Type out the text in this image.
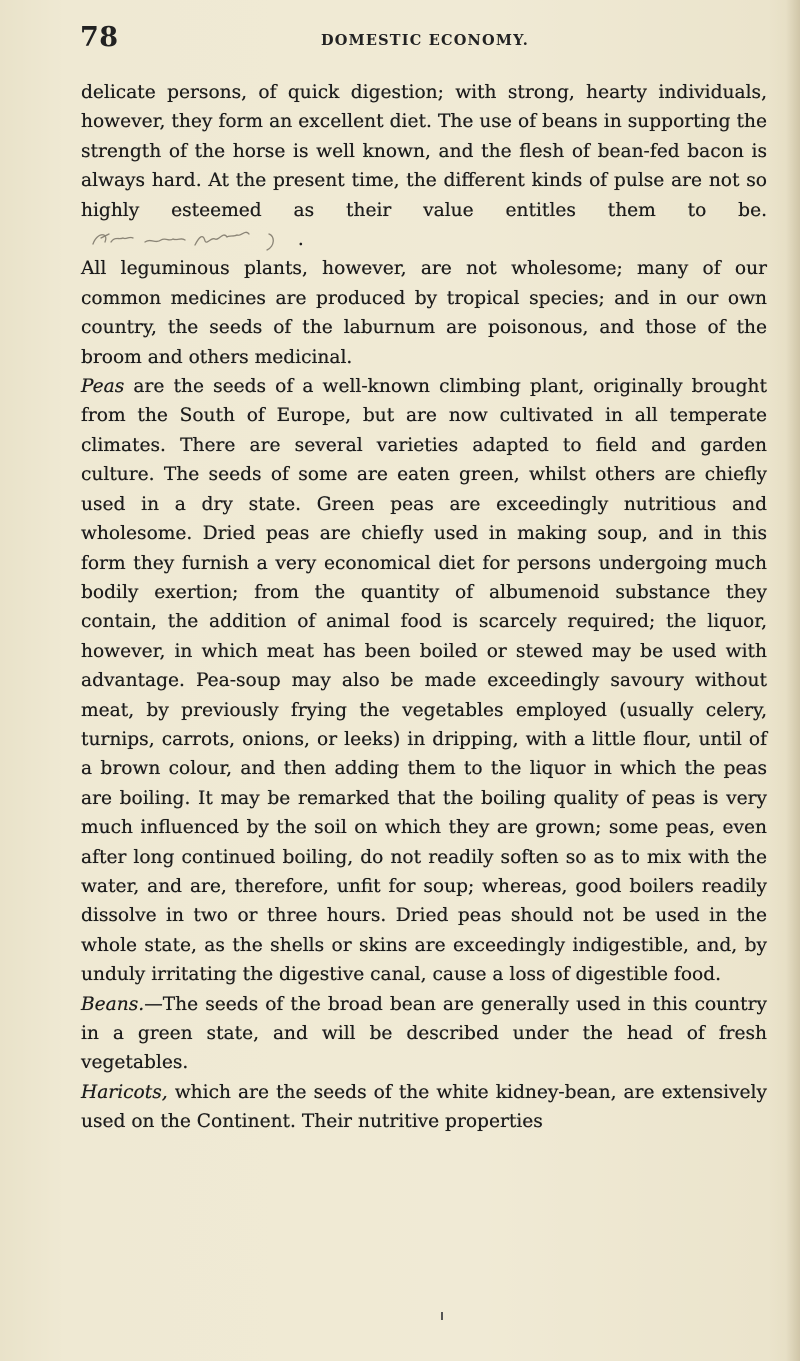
78	DOMESTIC ECONOMY.

delicate persons, of quick digestion; with strong, hearty individuals, however, they form an excellent diet. The use of beans in supporting the strength of the horse is well known, and the flesh of bean-fed bacon is always hard. At the present time, the different kinds of pulse are not so highly esteemed as their value entitles them to be. .

All leguminous plants, however, are not wholesome; many of our common medicines are produced by tropical species; and in our own country, the seeds of the laburnum are poisonous, and those of the broom and others medicinal.

Peas are the seeds of a well-known climbing plant, originally brought from the South of Europe, but are now cultivated in all temperate climates. There are several varieties adapted to field and garden culture. The seeds of some are eaten green, whilst others are chiefly used in a dry state. Green peas are exceedingly nutritious and wholesome. Dried peas are chiefly used in making soup, and in this form they furnish a very economical diet for persons undergoing much bodily exertion; from the quantity of albumenoid substance they contain, the addition of animal food is scarcely required; the liquor, however, in which meat has been boiled or stewed may be used with advantage. Pea-soup may also be made exceedingly savoury without meat, by previously frying the vegetables employed (usually celery, turnips, carrots, onions, or leeks) in dripping, with a little flour, until of a brown colour, and then adding them to the liquor in which the peas are boiling. It may be remarked that the boiling quality of peas is very much influenced by the soil on which they are grown; some peas, even after long continued boiling, do not readily soften so as to mix with the water, and are, therefore, unfit for soup; whereas, good boilers readily dissolve in two or three hours. Dried peas should not be used in the whole state, as the shells or skins are exceedingly indigestible, and, by unduly irritating the digestive canal, cause a loss of digestible food.

Beans.—The seeds of the broad bean are generally used in this country in a green state, and will be described under the head of fresh vegetables.

Haricots, which are the seeds of the white kidney-bean, are extensively used on the Continent. Their nutritive properties
